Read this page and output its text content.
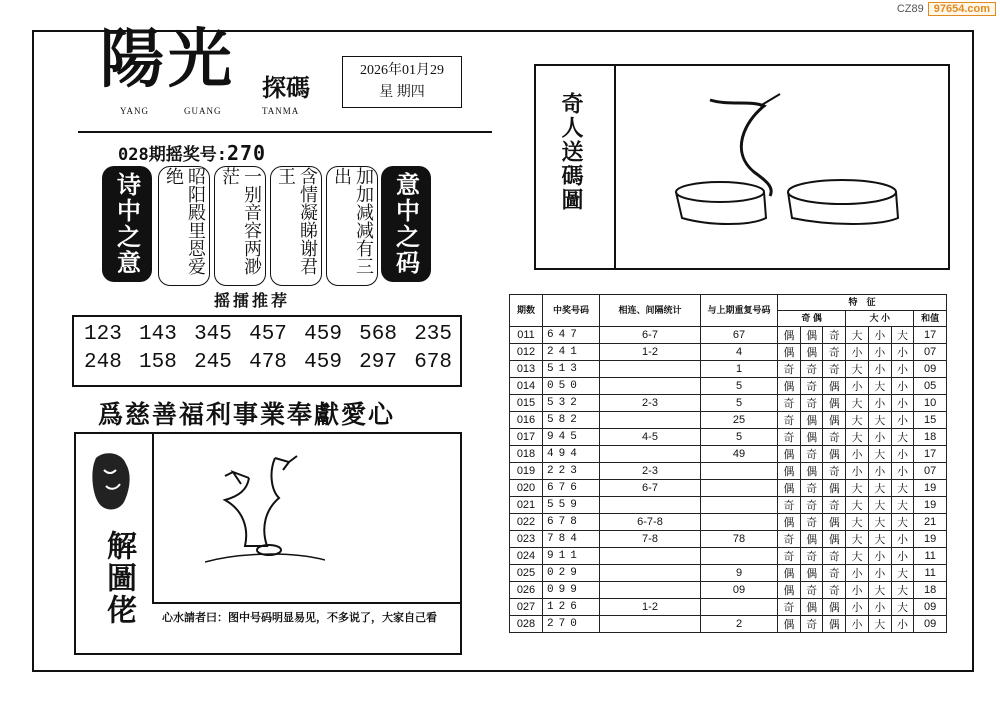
CZ89 97654.com
陽光 探碼
YANG	GUANG	TANMA
2026年01月29
星 期四
028期摇奖号:270
诗中之意	昭阳殿里恩爱绝	一别音容两渺茫	含情凝睇谢君王	加加减减有三出	意中之码
摇擂推荐
123 143 345 457 459 568 235
248 158 245 478 459 297 678
爲慈善福利事業奉獻愛心
解圖佬	心水請者曰：图中号码明显易见，不多说了，大家自己看
奇人送碼圖
期数	中奖号码	相连、间隔统计	与上期重复号码	特　征						
				奇 偶			大 小			和值
011	647	6-7	67	偶	偶	奇	大	小	大	17
012	241	1-2	4	偶	偶	奇	小	小	小	07
013	513		1	奇	奇	奇	大	小	小	09
014	050		5	偶	奇	偶	小	大	小	05
015	532	2-3	5	奇	奇	偶	大	小	小	10
016	582		25	奇	偶	偶	大	大	小	15
017	945	4-5	5	奇	偶	奇	大	小	大	18
018	494		49	偶	奇	偶	小	大	小	17
019	223	2-3		偶	偶	奇	小	小	小	07
020	676	6-7		偶	奇	偶	大	大	大	19
021	559			奇	奇	奇	大	大	大	19
022	678	6-7-8		偶	奇	偶	大	大	大	21
023	784	7-8	78	奇	偶	偶	大	大	小	19
024	911			奇	奇	奇	大	小	小	11
025	029		9	偶	偶	奇	小	小	大	11
026	099		09	偶	奇	奇	小	大	大	18
027	126	1-2		奇	偶	偶	小	小	大	09
028	270		2	偶	奇	偶	小	大	小	09
